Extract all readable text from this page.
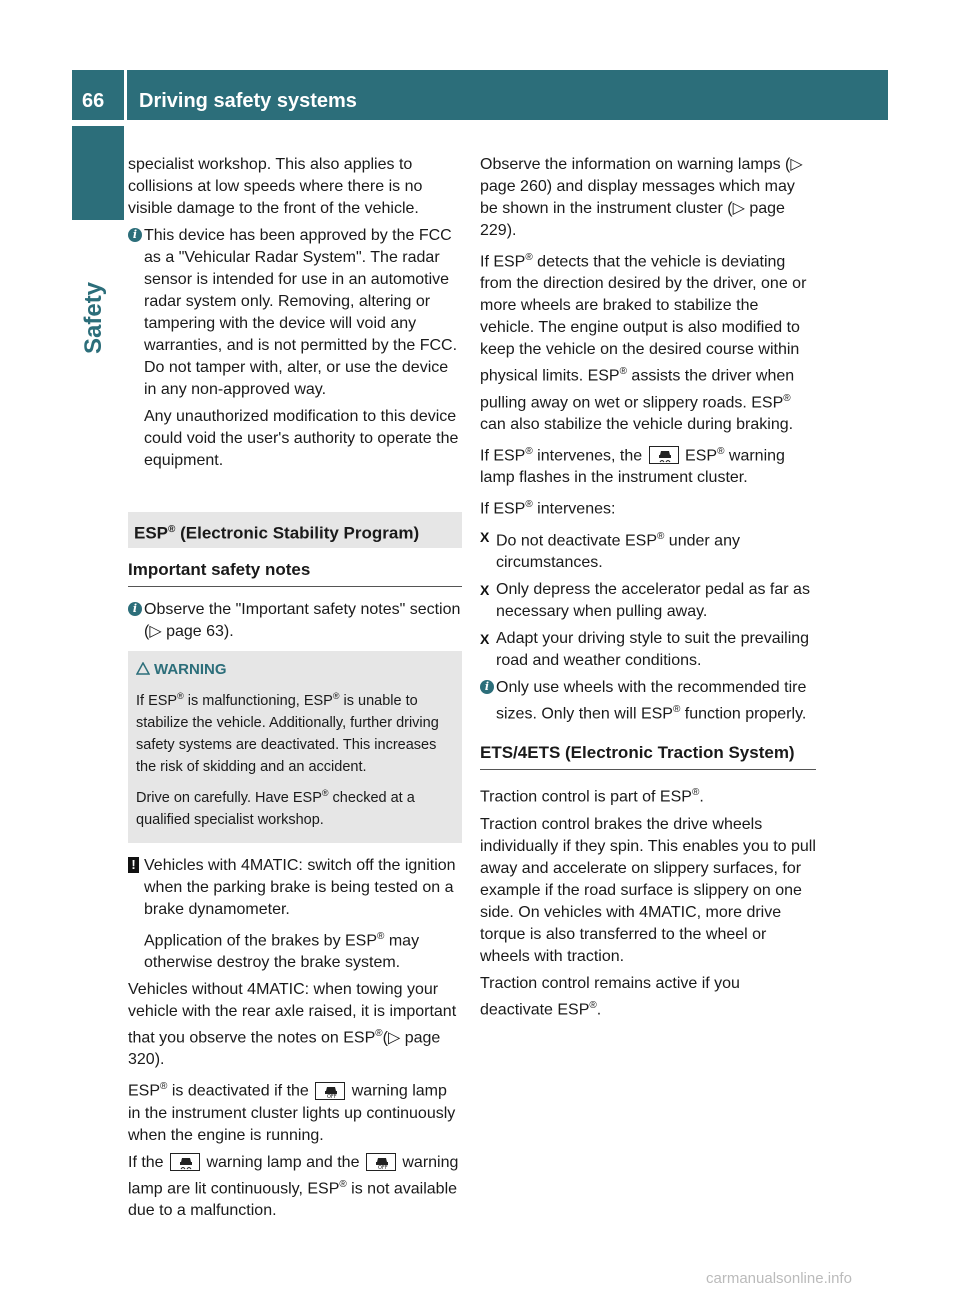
66 Driving safety systems
Safety

specialist workshop. This also applies to collisions at low speeds where there is no visible damage to the front of the vehicle.

i This device has been approved by the FCC as a "Vehicular Radar System". The radar sensor is intended for use in an automotive radar system only. Removing, altering or tampering with the device will void any warranties, and is not permitted by the FCC. Do not tamper with, alter, or use the device in any non-approved way.

Any unauthorized modification to this device could void the user's authority to operate the equipment.

ESP® (Electronic Stability Program)
Important safety notes
i Observe the "Important safety notes" section (▷ page 63).

WARNING

If ESP® is malfunctioning, ESP® is unable to stabilize the vehicle. Additionally, further driving safety systems are deactivated. This increases the risk of skidding and an accident.

Drive on carefully. Have ESP® checked at a qualified specialist workshop.

! Vehicles with 4MATIC: switch off the ignition when the parking brake is being tested on a brake dynamometer.

Application of the brakes by ESP® may otherwise destroy the brake system.

Vehicles without 4MATIC: when towing your vehicle with the rear axle raised, it is important that you observe the notes on ESP®(▷ page 320).

ESP® is deactivated if the	OFF warning lamp in the instrument cluster lights up continuously when the engine is running.

If the
warning lamp and the	OFF warning lamp are lit continuously, ESP® is not available due to a malfunction.

Observe the information on warning lamps (▷ page 260) and display messages which may be shown in the instrument cluster (▷ page 229).

If ESP® detects that the vehicle is deviating from the direction desired by the driver, one or more wheels are braked to stabilize the vehicle. The engine output is also modified to keep the vehicle on the desired course within physical limits. ESP® assists the driver when pulling away on wet or slippery roads. ESP® can also stabilize the vehicle during braking.

If ESP® intervenes, the
ESP® warning lamp flashes in the instrument cluster.

If ESP® intervenes:

X Do not deactivate ESP® under any circumstances.

X Only depress the accelerator pedal as far as necessary when pulling away.

X Adapt your driving style to suit the prevailing road and weather conditions.

i Only use wheels with the recommended tire sizes. Only then will ESP® function properly.

ETS/4ETS (Electronic Traction System)

Traction control is part of ESP®.

Traction control brakes the drive wheels individually if they spin. This enables you to pull away and accelerate on slippery surfaces, for example if the road surface is slippery on one side. On vehicles with 4MATIC, more drive torque is also transferred to the wheel or wheels with traction.

Traction control remains active if you deactivate ESP®.

carmanualsonline.info
